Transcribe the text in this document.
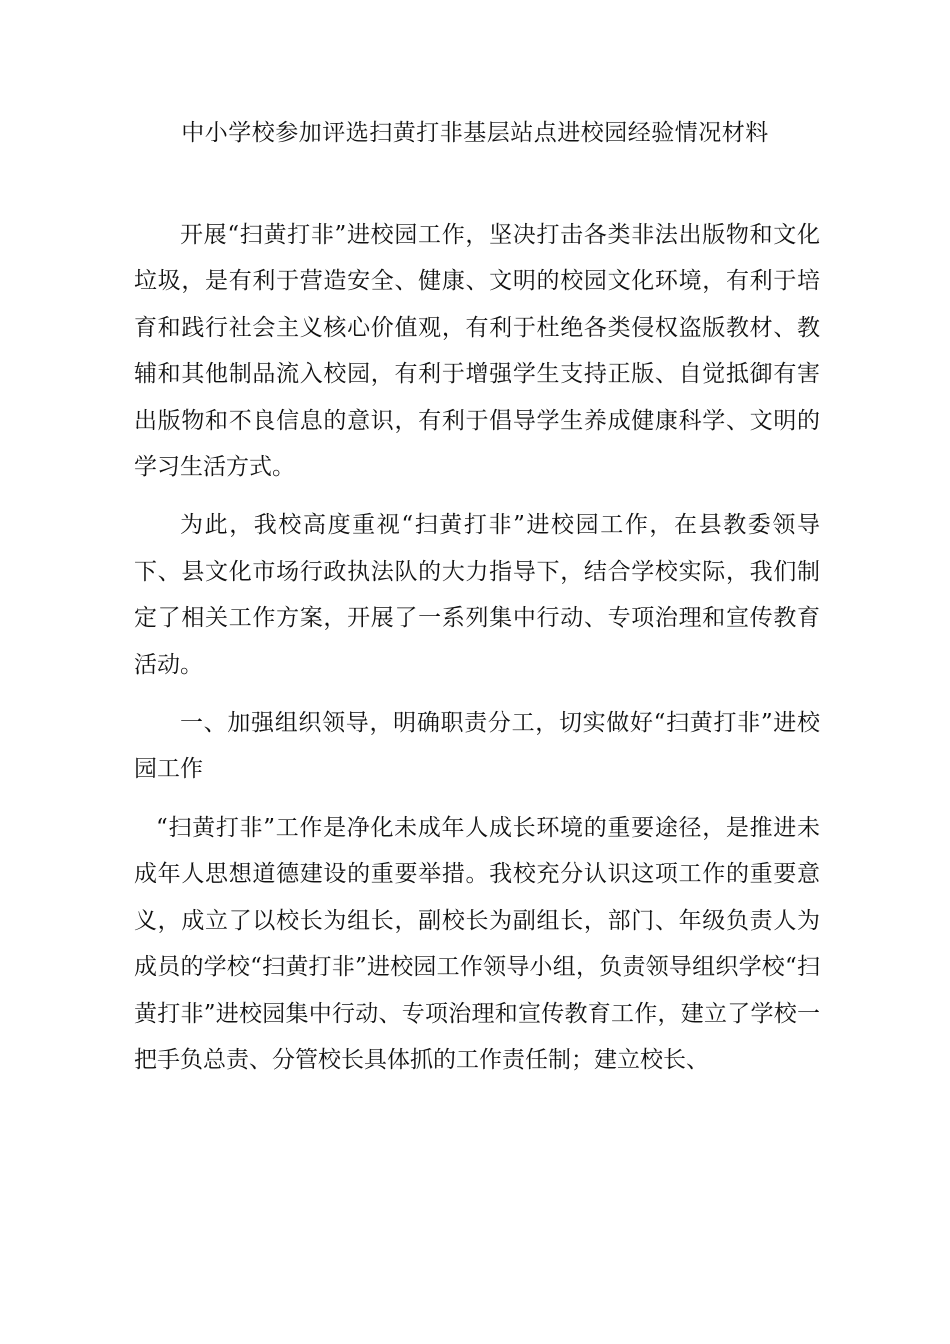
中小学校参加评选扫黄打非基层站点进校园经验情况材料

开展“扫黄打非”进校园工作，坚决打击各类非法出版物和文化垃圾，是有利于营造安全、健康、文明的校园文化环境，有利于培育和践行社会主义核心价值观，有利于杜绝各类侵权盗版教材、教辅和其他制品流入校园，有利于增强学生支持正版、自觉抵御有害出版物和不良信息的意识，有利于倡导学生养成健康科学、文明的学习生活方式。

为此，我校高度重视“扫黄打非”进校园工作，在县教委领导下、县文化市场行政执法队的大力指导下，结合学校实际，我们制定了相关工作方案，开展了一系列集中行动、专项治理和宣传教育活动。

一、加强组织领导，明确职责分工，切实做好“扫黄打非”进校园工作

“扫黄打非”工作是净化未成年人成长环境的重要途径，是推进未成年人思想道德建设的重要举措。我校充分认识这项工作的重要意义，成立了以校长为组长，副校长为副组长，部门、年级负责人为成员的学校“扫黄打非”进校园工作领导小组，负责领导组织学校“扫黄打非”进校园集中行动、专项治理和宣传教育工作，建立了学校一把手负总责、分管校长具体抓的工作责任制；建立校长、
